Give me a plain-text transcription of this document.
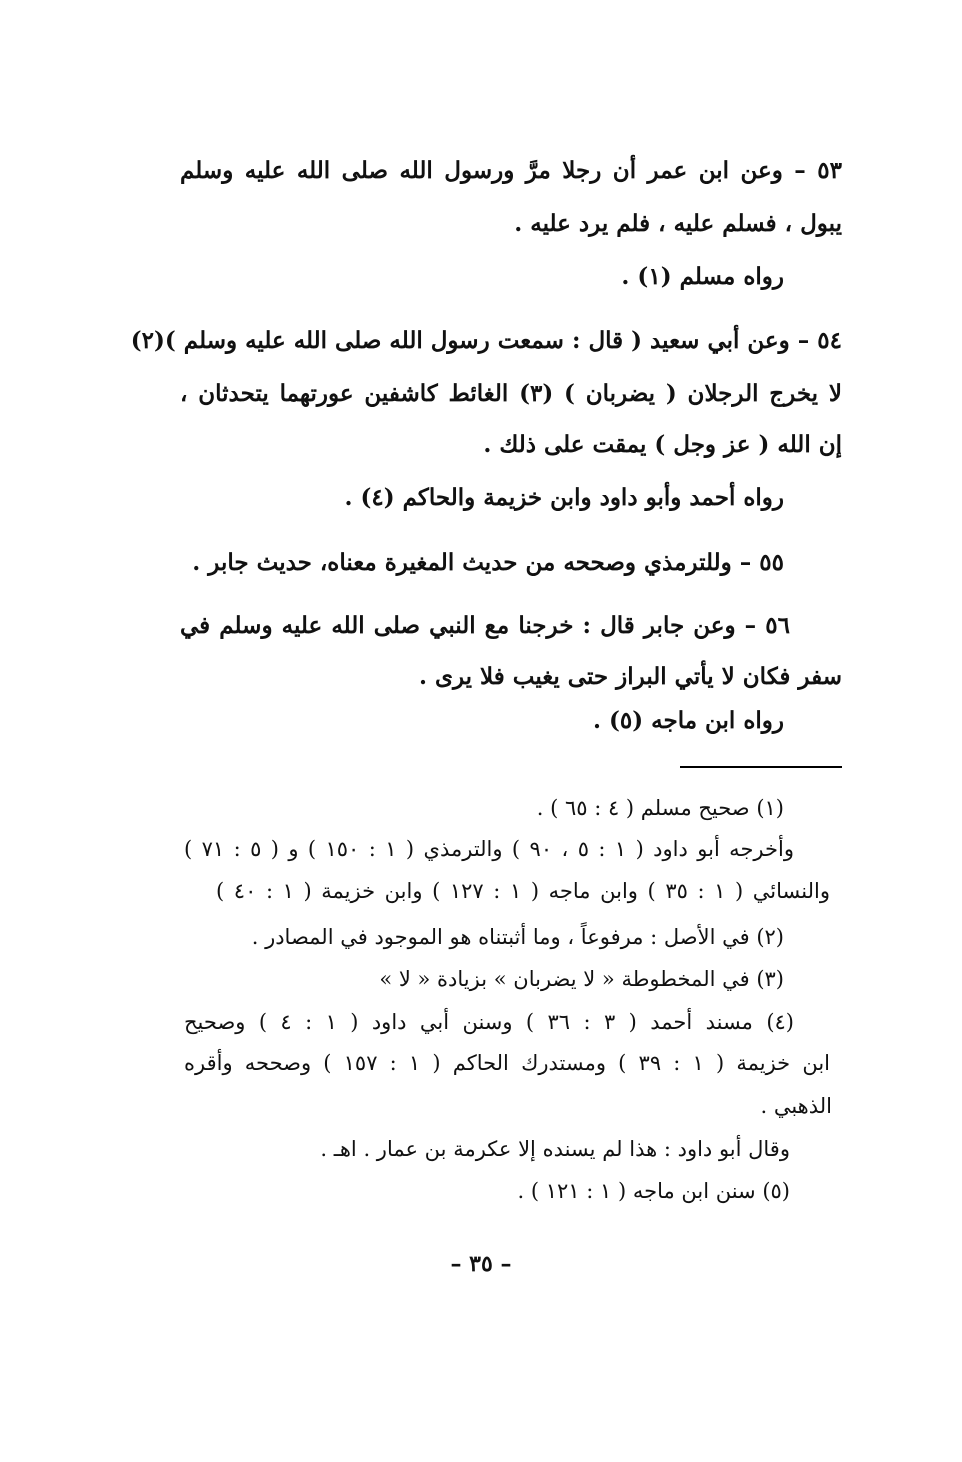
٥٣ – وعن ابن عمر أن رجلا مرَّ ورسول الله صلى الله عليه وسلم
يبول ، فسلم عليه ، فلم يرد عليه .
رواه مسلم (١) .
٥٤ – وعن أبي سعيد ( قال : سمعت رسول الله صلى الله عليه وسلم )(٢)
لا يخرج الرجلان ( يضربان ) (٣) الغائط كاشفين عورتهما يتحدثان ،
إن الله ( عز وجل ) يمقت على ذلك .
رواه أحمد وأبو داود وابن خزيمة والحاكم (٤) .
٥٥ – وللترمذي وصححه من حديث المغيرة معناه، حديث جابر .
٥٦ – وعن جابر قال : خرجنا مع النبي صلى الله عليه وسلم في
سفر فكان لا يأتي البراز حتى يغيب فلا يرى .
رواه ابن ماجه (٥) .
(١) صحيح مسلم ( ٤ : ٦٥ ) .
وأخرجه أبو داود ( ١ : ٥ ، ٩٠ ) والترمذي ( ١ : ١٥٠ ) و ( ٥ : ٧١ )
والنسائي ( ١ : ٣٥ ) وابن ماجه ( ١ : ١٢٧ ) وابن خزيمة ( ١ : ٤٠ )
(٢) في الأصل : مرفوعاً ، وما أثبتناه هو الموجود في المصادر .
(٣) في المخطوطة « لا يضربان » بزيادة « لا »
(٤) مسند أحمد ( ٣ : ٣٦ ) وسنن أبي داود ( ١ : ٤ ) وصحيح
ابن خزيمة ( ١ : ٣٩ ) ومستدرك الحاكم ( ١ : ١٥٧ ) وصححه وأقره
الذهبي .
وقال أبو داود : هذا لم يسنده إلا عكرمة بن عمار . اهـ .
(٥) سنن ابن ماجه ( ١ : ١٢١ ) .
– ٣٥ –
